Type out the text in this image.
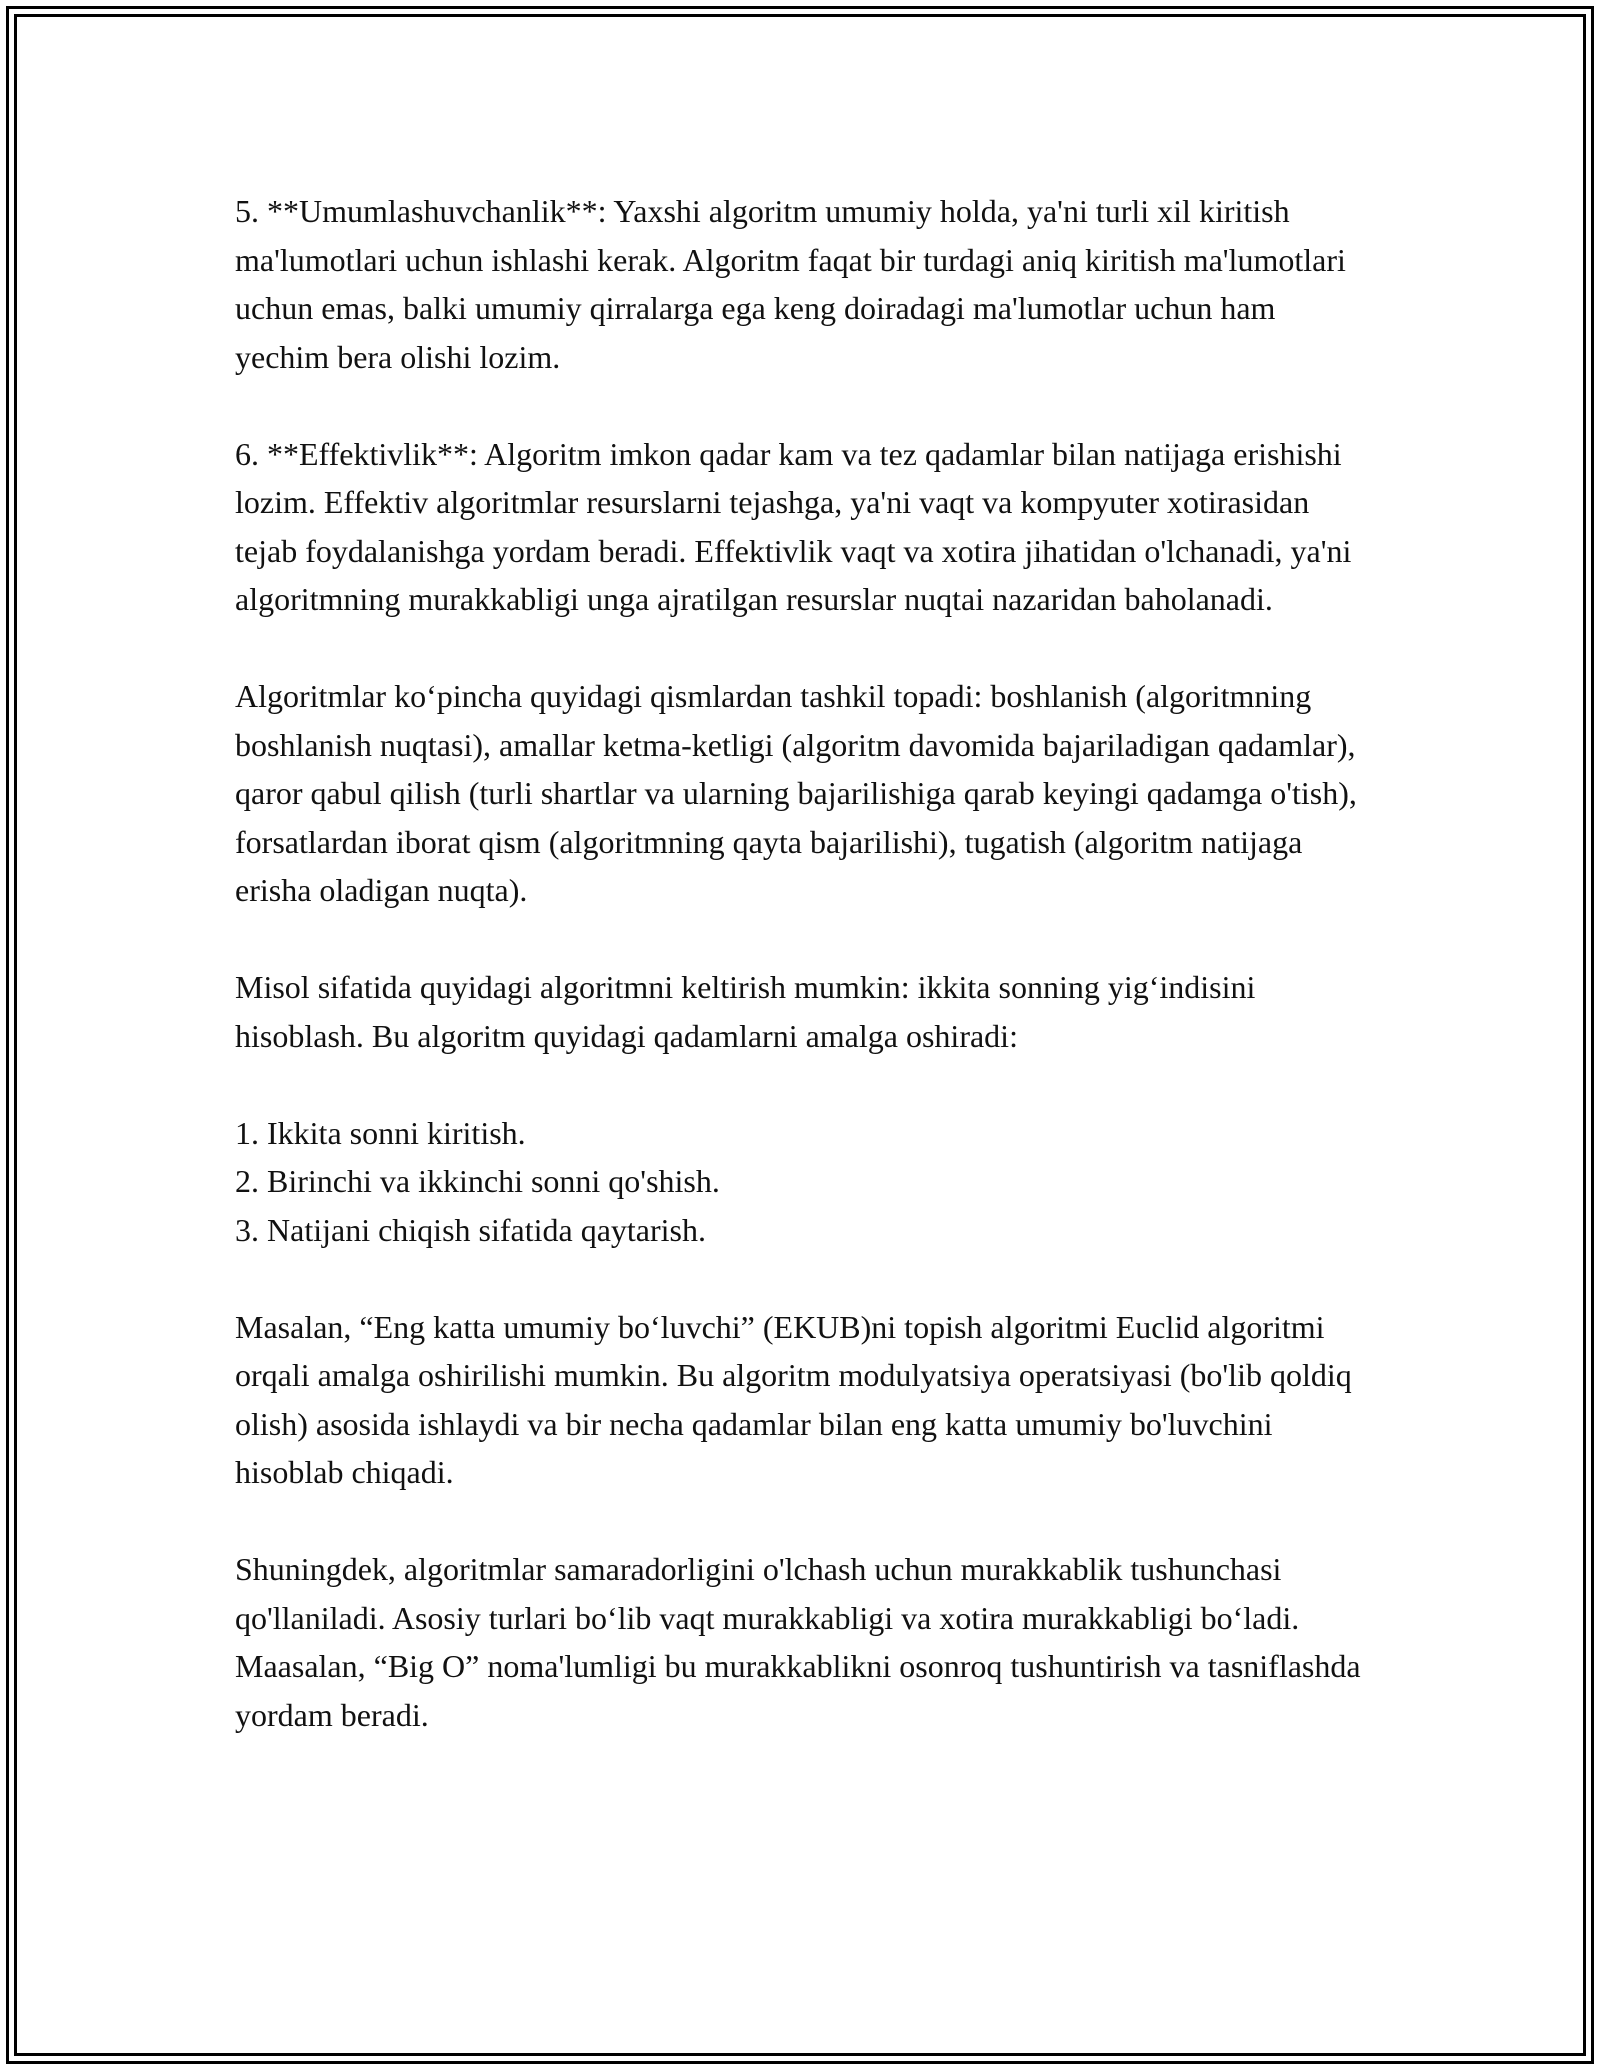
5. **Umumlashuvchanlik**: Yaxshi algoritm umumiy holda, ya'ni turli xil kiritish ma'lumotlari uchun ishlashi kerak. Algoritm faqat bir turdagi aniq kiritish ma'lumotlari uchun emas, balki umumiy qirralarga ega keng doiradagi ma'lumotlar uchun ham yechim bera olishi lozim.

6. **Effektivlik**: Algoritm imkon qadar kam va tez qadamlar bilan natijaga erishishi lozim. Effektiv algoritmlar resurslarni tejashga, ya'ni vaqt va kompyuter xotirasidan tejab foydalanishga yordam beradi. Effektivlik vaqt va xotira jihatidan o'lchanadi, ya'ni algoritmning murakkabligi unga ajratilgan resurslar nuqtai nazaridan baholanadi.

Algoritmlar ko‘pincha quyidagi qismlardan tashkil topadi: boshlanish (algoritmning boshlanish nuqtasi), amallar ketma-ketligi (algoritm davomida bajariladigan qadamlar), qaror qabul qilish (turli shartlar va ularning bajarilishiga qarab keyingi qadamga o'tish), forsatlardan iborat qism (algoritmning qayta bajarilishi), tugatish (algoritm natijaga erisha oladigan nuqta).

Misol sifatida quyidagi algoritmni keltirish mumkin: ikkita sonning yig‘indisini hisoblash. Bu algoritm quyidagi qadamlarni amalga oshiradi:

1. Ikkita sonni kiritish.
2. Birinchi va ikkinchi sonni qo'shish.
3. Natijani chiqish sifatida qaytarish.

Masalan, “Eng katta umumiy bo‘luvchi” (EKUB)ni topish algoritmi Euclid algoritmi orqali amalga oshirilishi mumkin. Bu algoritm modulyatsiya operatsiyasi (bo'lib qoldiq olish) asosida ishlaydi va bir necha qadamlar bilan eng katta umumiy bo'luvchini hisoblab chiqadi.

Shuningdek, algoritmlar samaradorligini o'lchash uchun murakkablik tushunchasi qo'llaniladi. Asosiy turlari bo‘lib vaqt murakkabligi va xotira murakkabligi bo‘ladi. Maasalan, “Big O” noma'lumligi bu murakkablikni osonroq tushuntirish va tasniflashda yordam beradi.
